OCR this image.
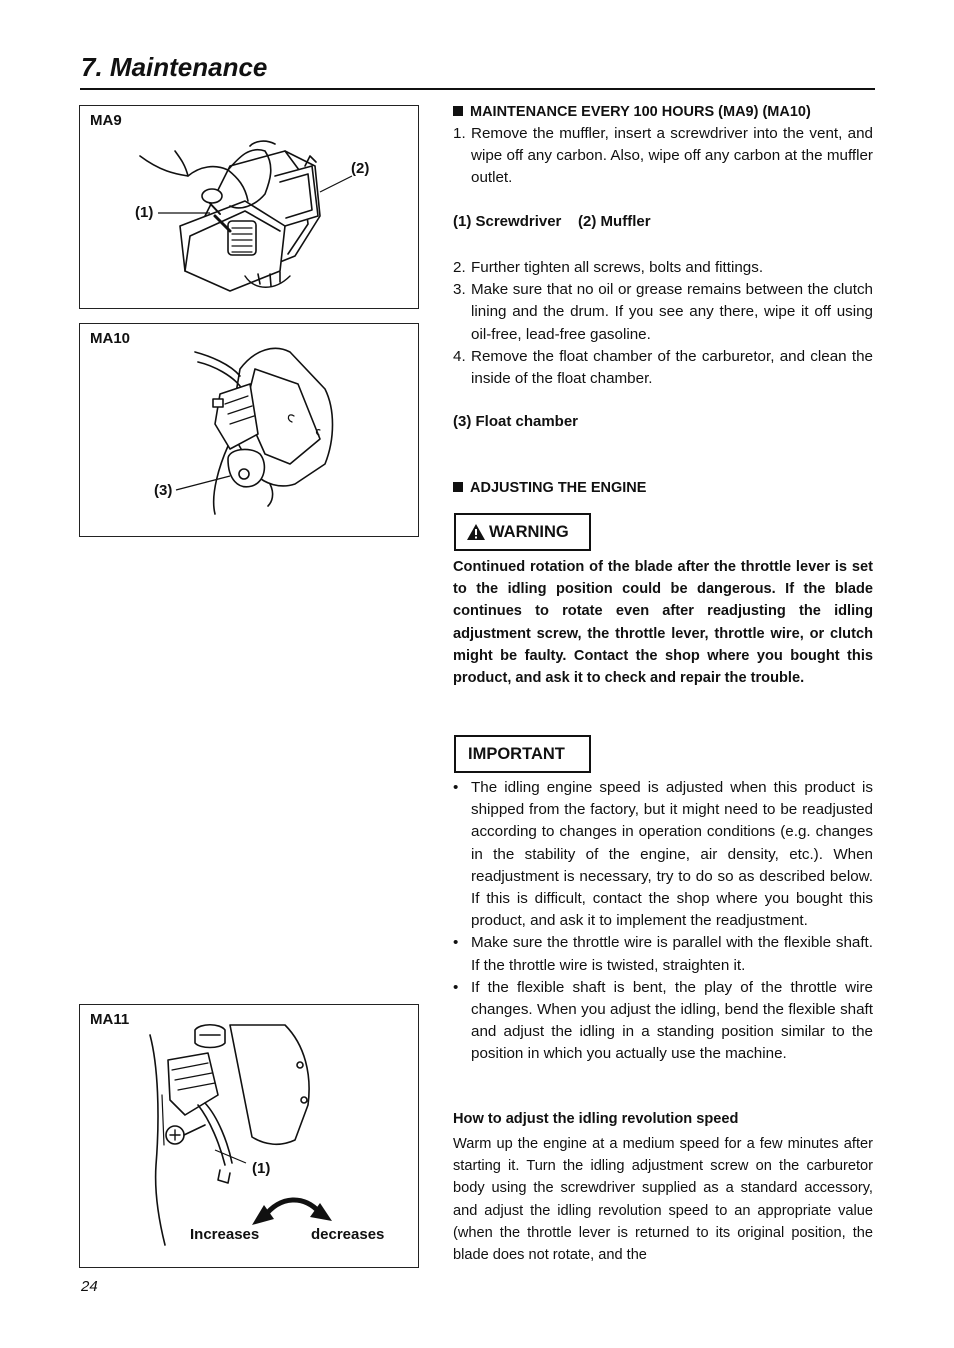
7. Maintenance
MA9
(1)
(2)
MA10
(3)
MA11
(1)
Increases	decreases
MAINTENANCE EVERY 100 HOURS (MA9) (MA10)
1. Remove the muffler, insert a screwdriver into the vent, and wipe off any carbon. Also, wipe off any carbon at the muffler outlet.
(1) Screwdriver    (2) Muffler
2. Further tighten all screws, bolts and fittings.
3. Make sure that no oil or grease remains between the clutch lining and the drum. If you see any there, wipe it off using oil-free, lead-free gasoline.
4. Remove the float chamber of the carburetor, and clean the inside of the float chamber.
(3) Float chamber
ADJUSTING THE ENGINE
WARNING
Continued rotation of the blade after the throttle lever is set to the idling position could be dangerous. If the blade continues to rotate even after readjusting the idling adjustment screw, the throttle lever, throttle wire, or clutch might be faulty. Contact the shop where you bought this product, and ask it to check and repair the trouble.
IMPORTANT
• The idling engine speed is adjusted when this product is shipped from the factory, but it might need to be readjusted according to changes in operation conditions (e.g. changes in the stability of the engine, air density, etc.). When readjustment is necessary, try to do so as described below. If this is difficult, contact the shop where you bought this product, and ask it to implement the readjustment.
• Make sure the throttle wire is parallel with the flexible shaft. If the throttle wire is twisted, straighten it.
• If the flexible shaft is bent, the play of the throttle wire changes. When you adjust the idling, bend the flexible shaft and adjust the idling in a standing position similar to the position in which you actually use the machine.
How to adjust the idling revolution speed
Warm up the engine at a medium speed for a few minutes after starting it. Turn the idling adjustment screw on the carburetor body using the screwdriver supplied as a standard accessory, and adjust the idling revolution speed to an appropriate value (when the throttle lever is returned to its original position, the blade does not rotate, and the
24
